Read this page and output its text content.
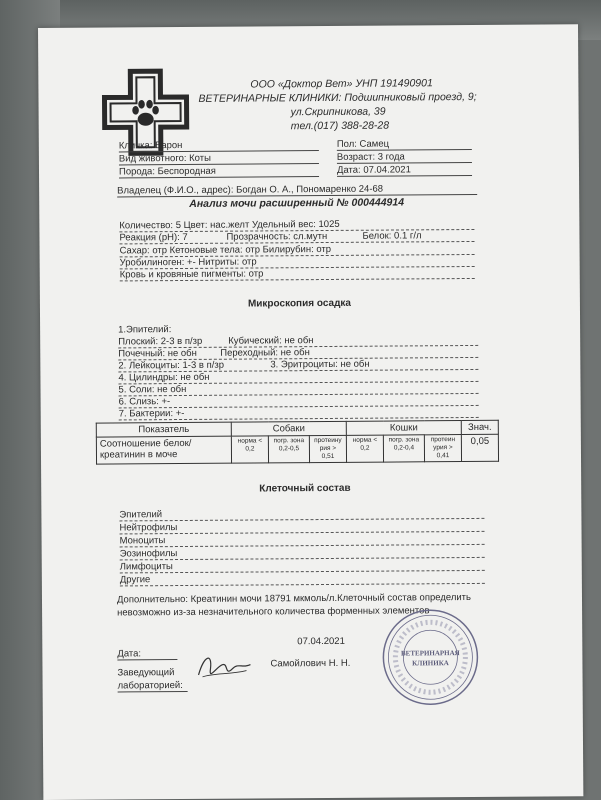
ООО «Доктор Вет» УНП 191490901
ВЕТЕРИНАРНЫЕ КЛИНИКИ: Подшипниковый проезд, 9;
ул.Скрипникова, 39
тел.(017) 388-28-28
Кличка: Барон
Вид животного: Коты
Порода: Беспородная
Пол: Самец
Возраст: 3 года
Дата: 07.04.2021
Владелец (Ф.И.О., адрес): Богдан О. А., Пономаренко 24-68
Анализ мочи расширенный № 000444914
Количество: 5 Цвет: нас.желт Удельный вес: 1025
Реакция (pH): 7	Прозрачность: сл.мутн	Белок: 0.1 г/л
Сахар: отр Кетоновые тела: отр Билирубин: отр
Уробилиноген: +- Нитриты: отр
Кровь и кровяные пигменты: отр
Микроскопия осадка
1.Эпителий:
Плоский: 2-3 в п/зр	Кубический: не обн
Почечный: не обн Переходный: не обн
2. Лейкоциты: 1-3 в п/зр	3. Эритроциты: не обн
4. Цилиндры: не обн
5. Соли: не обн
6. Слизь: +-
7. Бактерии: +-
Показатель	Собаки			Кошки			Знач.
Соотношение белок/креатинин в моче	норма < 0,2	погр. зона 0,2-0,5	протеину рия > 0,51	норма < 0,2	погр. зона 0,2-0,4	протеин урия > 0,41	0,05
Клеточный состав
Эпителий
Нейтрофилы
Моноциты
Эозинофилы
Лимфоциты
Другие
Дополнительно: Креатинин мочи 18791 мкмоль/л.Клеточный состав определить
невозможно из-за незначительного количества форменных элементов
Дата:
07.04.2021
Заведующий
лабораторией:
Самойлович Н. Н.
ВЕТЕРИНАРНАЯ
КЛИНИКА
